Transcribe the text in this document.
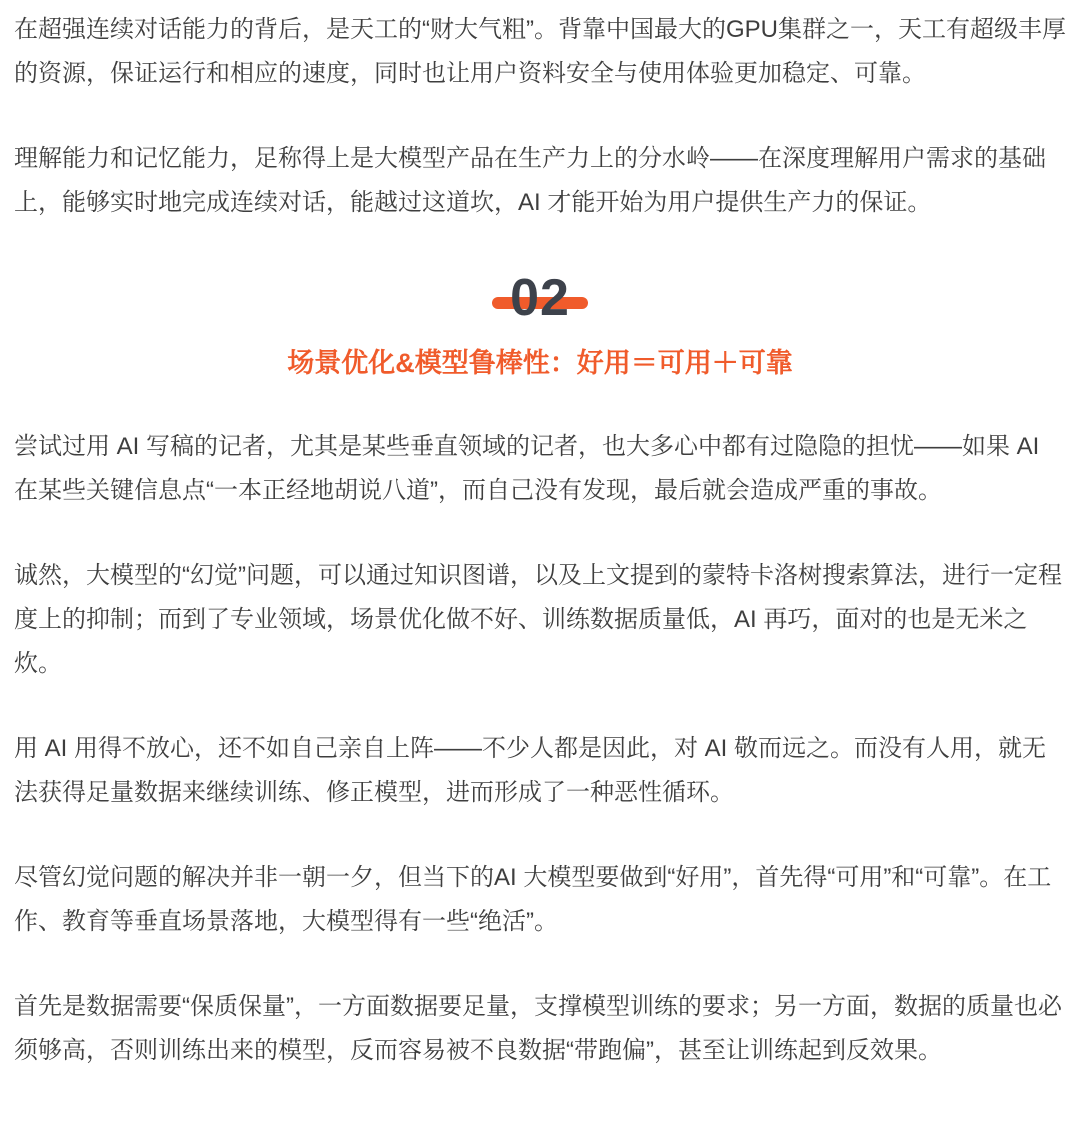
在超强连续对话能力的背后，是天工的“财大气粗”。背靠中国最大的GPU集群之一，天工有超级丰厚的资源，保证运行和相应的速度，同时也让用户资料安全与使用体验更加稳定、可靠。

理解能力和记忆能力，足称得上是大模型产品在生产力上的分水岭——在深度理解用户需求的基础上，能够实时地完成连续对话，能越过这道坎，AI 才能开始为用户提供生产力的保证。

02
场景优化&模型鲁棒性：好用＝可用＋可靠

尝试过用 AI 写稿的记者，尤其是某些垂直领域的记者，也大多心中都有过隐隐的担忧——如果 AI 在某些关键信息点“一本正经地胡说八道”，而自己没有发现，最后就会造成严重的事故。

诚然，大模型的“幻觉”问题，可以通过知识图谱，以及上文提到的蒙特卡洛树搜索算法，进行一定程度上的抑制；而到了专业领域，场景优化做不好、训练数据质量低，AI 再巧，面对的也是无米之炊。

用 AI 用得不放心，还不如自己亲自上阵——不少人都是因此，对 AI 敬而远之。而没有人用，就无法获得足量数据来继续训练、修正模型，进而形成了一种恶性循环。

尽管幻觉问题的解决并非一朝一夕，但当下的AI 大模型要做到“好用”，首先得“可用”和“可靠”。在工作、教育等垂直场景落地，大模型得有一些“绝活”。

首先是数据需要“保质保量”，一方面数据要足量，支撑模型训练的要求；另一方面，数据的质量也必须够高，否则训练出来的模型，反而容易被不良数据“带跑偏”，甚至让训练起到反效果。
